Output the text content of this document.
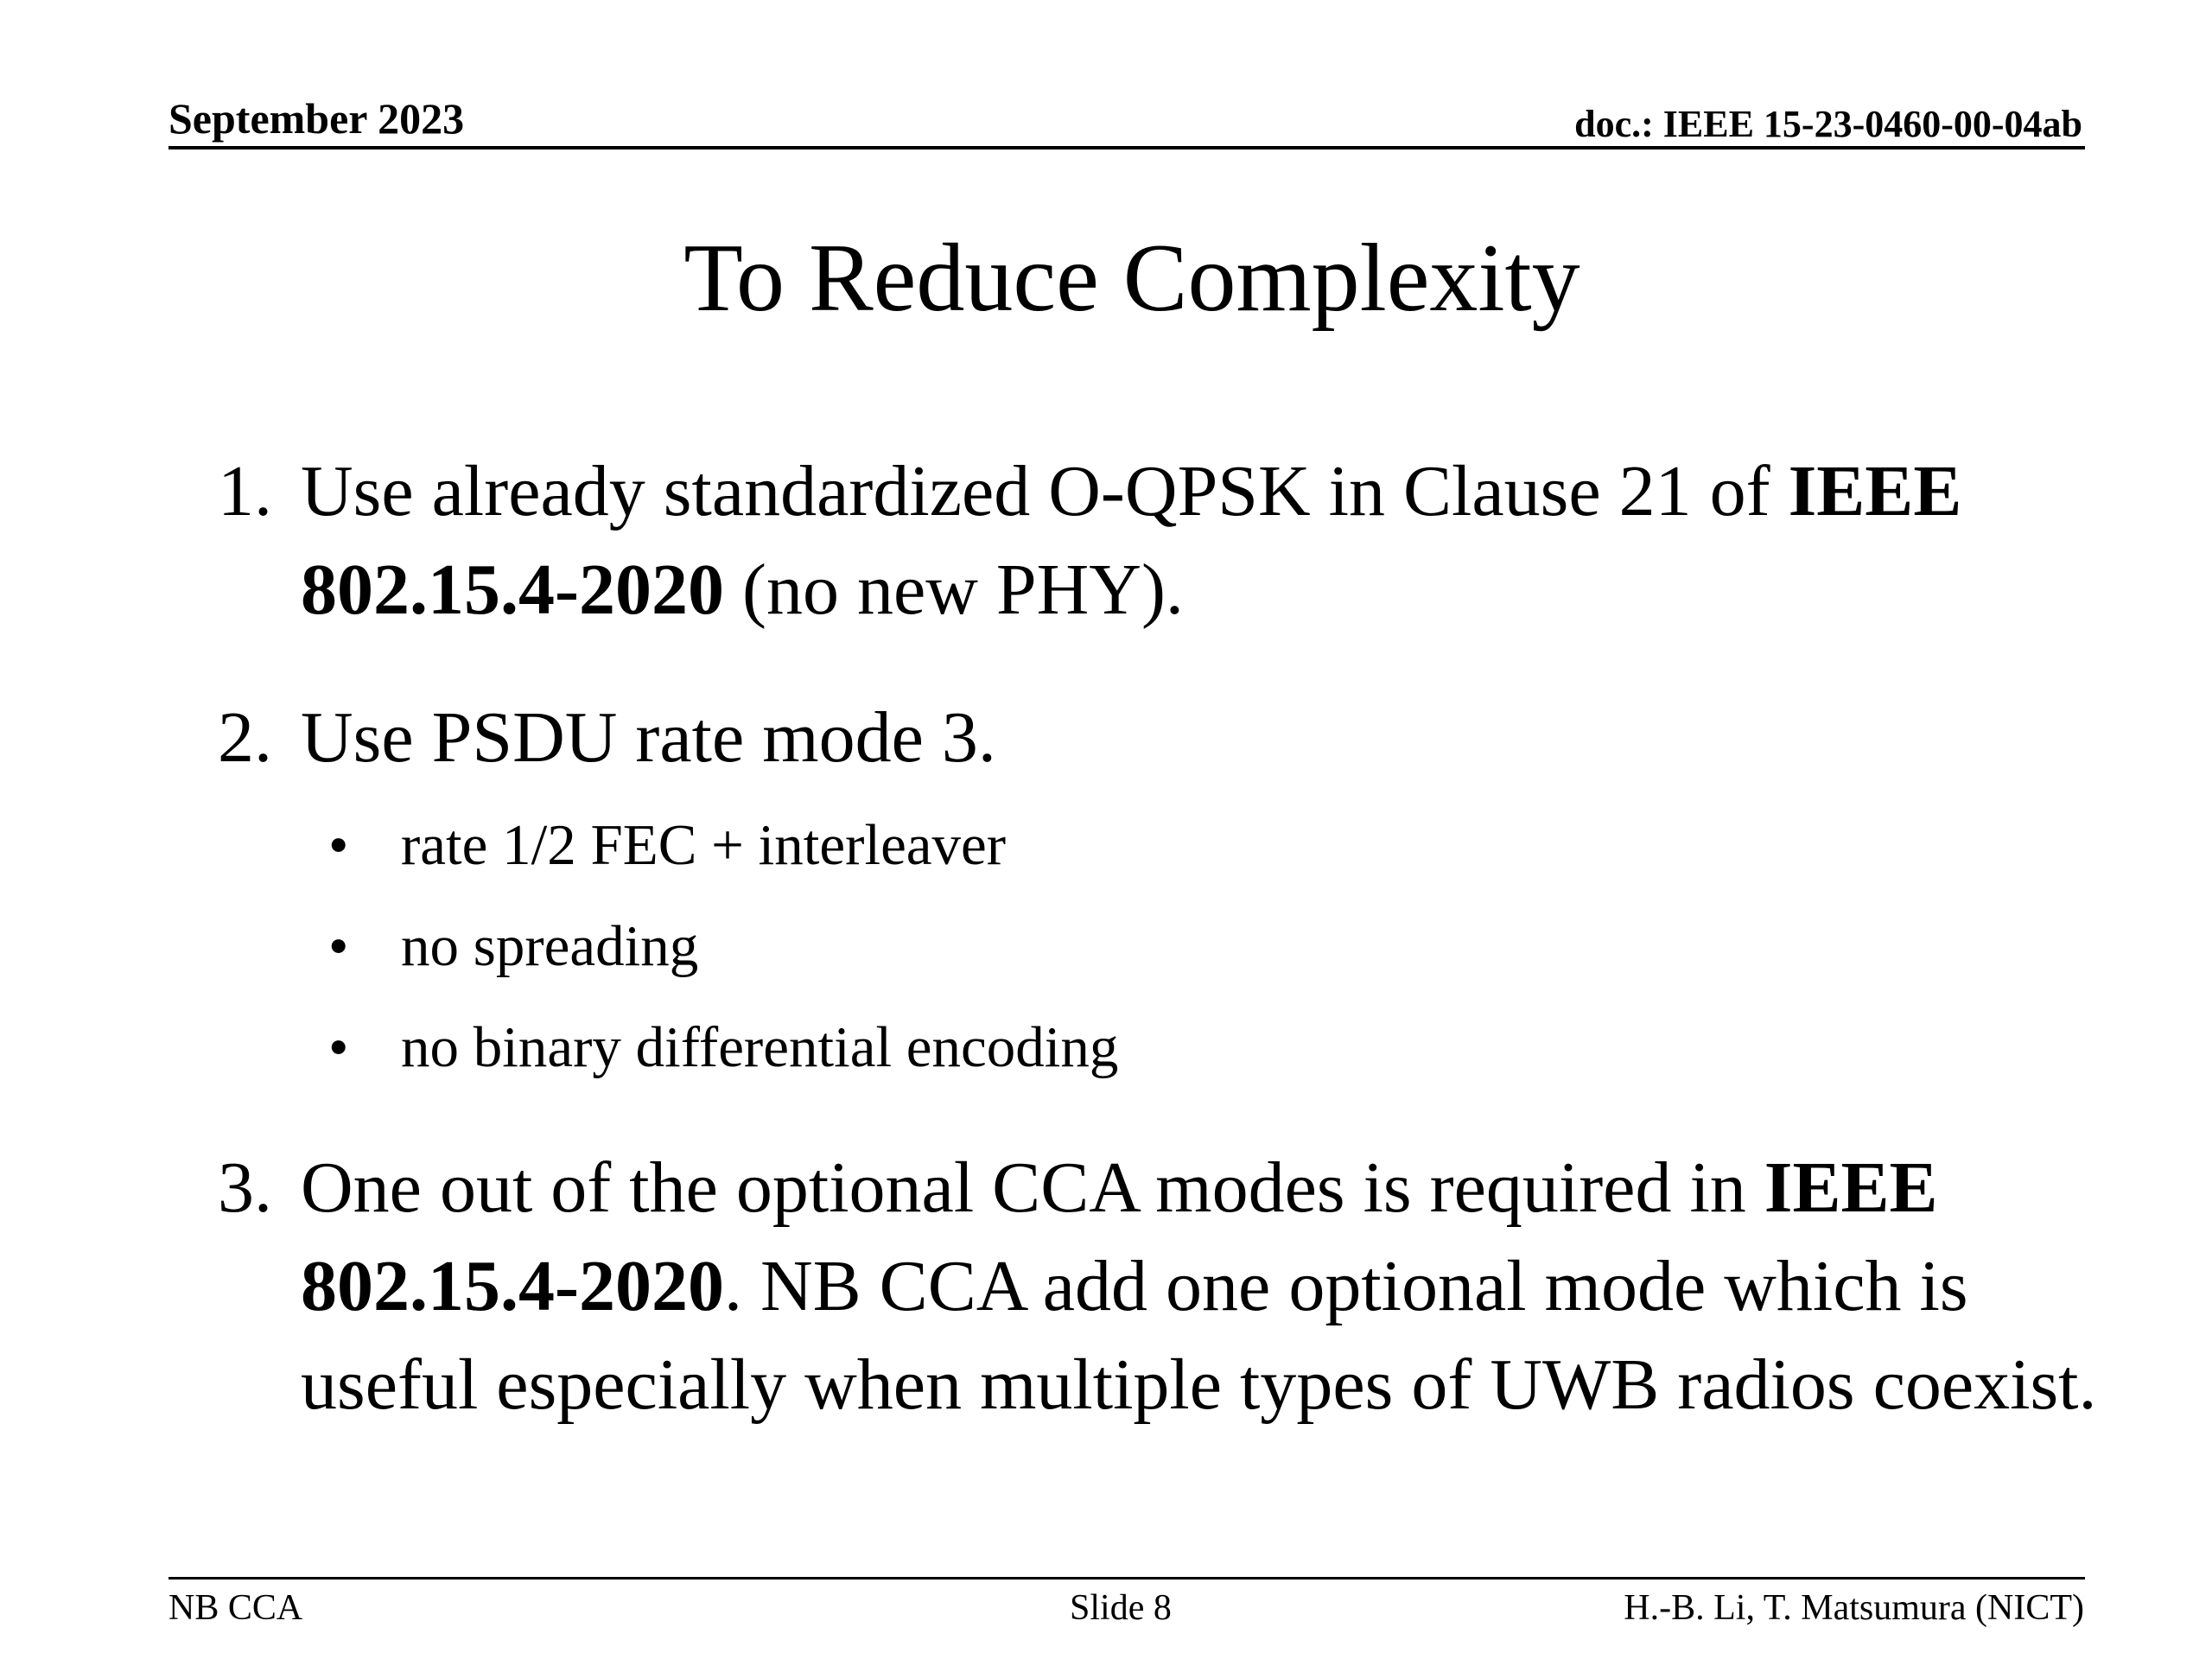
September 2023	doc.: IEEE 15-23-0460-00-04ab
To Reduce Complexity
1. Use already standardized O-QPSK in Clause 21 of IEEE 802.15.4-2020 (no new PHY).
2. Use PSDU rate mode 3.
• rate 1/2 FEC + interleaver
• no spreading
• no binary differential encoding
3. One out of the optional CCA modes is required in IEEE 802.15.4-2020. NB CCA add one optional mode which is useful especially when multiple types of UWB radios coexist.
NB CCA	Slide 8	H.-B. Li, T. Matsumura (NICT)
